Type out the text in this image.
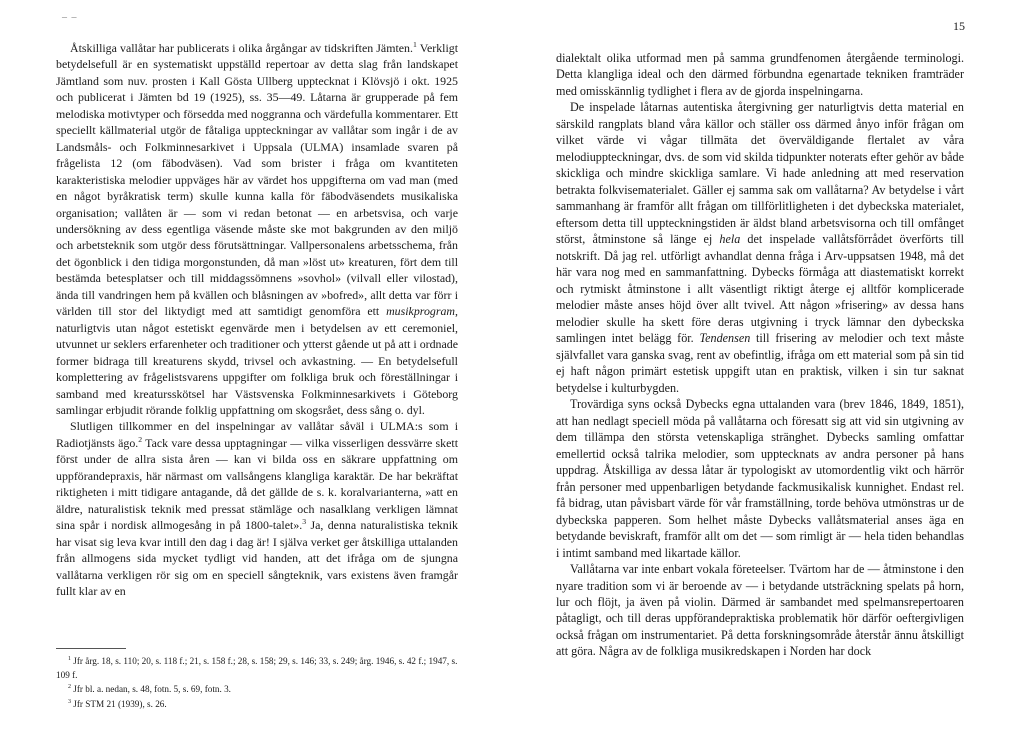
– –

Åtskilliga vallåtar har publicerats i olika årgångar av tidskriften Jämten.$^1$ Verkligt betydelsefull är en systematiskt uppställd repertoar av detta slag från landskapet Jämtland som nuv. prosten i Kall Gösta Ullberg upptecknat i Klövsjö i okt. 1925 och publicerat i Jämten bd 19 (1925), ss. 35—49. Låtarna är grupperade på fem melodiska motivtyper och försedda med noggranna och värdefulla kommentarer. Ett speciellt källmaterial utgör de fåtaliga uppteckningar av vallåtar som ingår i de av Landsmåls- och Folkminnesarkivet i Uppsala (ULMA) insamlade svaren på frågelista 12 (om fäbodväsen). Vad som brister i fråga om kvantiteten karakteristiska melodier uppväges här av värdet hos uppgifterna om vad man (med en något byråkratisk term) skulle kunna kalla för fäbodväsendets musikaliska organisation; vallåten är — som vi redan betonat — en arbetsvisa, och varje undersökning av dess egentliga väsende måste ske mot bakgrunden av den miljö och arbetsteknik som utgör dess förutsättningar. Vallpersonalens arbetsschema, från det ögonblick i den tidiga morgonstunden, då man »löst ut» kreaturen, fört dem till bestämda betesplatser och till middagssömnens »sovhol» (vilvall eller vilostad), ända till vandringen hem på kvällen och blåsningen av »bofred», allt detta var förr i världen till stor del liktydigt med att samtidigt genomföra ett musikprogram, naturligtvis utan något estetiskt egenvärde men i betydelsen av ett ceremoniel, utvunnet ur seklers erfarenheter och traditioner och ytterst gående ut på att i ordnade former bidraga till kreaturens skydd, trivsel och avkastning. — En betydelsefull komplettering av frågelistsvarens uppgifter om folkliga bruk och föreställningar i samband med kreatursskötsel har Västsvenska Folkminnesarkivets i Göteborg samlingar erbjudit rörande folklig uppfattning om skogsrået, dess sång o. dyl.

Slutligen tillkommer en del inspelningar av vallåtar såväl i ULMA:s som i Radiotjänsts ägo.$^2$ Tack vare dessa upptagningar — vilka visserligen dessvärre skett först under de allra sista åren — kan vi bilda oss en säkrare uppfattning om uppförandepraxis, här närmast om vallsångens klangliga karaktär. De har bekräftat riktigheten i mitt tidigare antagande, då det gällde de s. k. koralvarianterna, »att en äldre, naturalistisk teknik med pressat stämläge och nasalklang verkligen lämnat sina spår i nordisk allmogesång in på 1800-talet».$^3$ Ja, denna naturalistiska teknik har visat sig leva kvar intill den dag i dag är! I själva verket ger åtskilliga uttalanden från allmogens sida mycket tydligt vid handen, att det ifråga om de sjungna vallåtarna verkligen rör sig om en speciell sångteknik, vars existens även framgår fullt klar av en

$^1$ Jfr årg. 18, s. 110; 20, s. 118 f.; 21, s. 158 f.; 28, s. 158; 29, s. 146; 33, s. 249; årg. 1946, s. 42 f.; 1947, s. 109 f.

$^2$ Jfr bl. a. nedan, s. 48, fotn. 5, s. 69, fotn. 3.

$^3$ Jfr STM 21 (1939), s. 26.

15

dialektalt olika utformad men på samma grundfenomen återgående terminologi. Detta klangliga ideal och den därmed förbundna egenartade tekniken framträder med omisskännlig tydlighet i flera av de gjorda inspelningarna.

De inspelade låtarnas autentiska återgivning ger naturligtvis detta material en särskild rangplats bland våra källor och ställer oss därmed ånyo inför frågan om vilket värde vi vågar tillmäta det överväldigande flertalet av våra melodiuppteckningar, dvs. de som vid skilda tidpunkter noterats efter gehör av både skickliga och mindre skickliga samlare. Vi hade anledning att med reservation betrakta folkvisematerialet. Gäller ej samma sak om vallåtarna? Av betydelse i vårt sammanhang är framför allt frågan om tillförlitligheten i det dybeckska materialet, eftersom detta till uppteckningstiden är äldst bland arbetsvisorna och till omfånget störst, åtminstone så länge ej hela det inspelade vallåtsförrådet överförts till notskrift. Då jag rel. utförligt avhandlat denna fråga i Arv-uppsatsen 1948, må det här vara nog med en sammanfattning. Dybecks förmåga att diastematiskt korrekt och rytmiskt åtminstone i allt väsentligt riktigt återge ej alltför komplicerade melodier måste anses höjd över allt tvivel. Att någon »frisering» av dessa hans melodier skulle ha skett före deras utgivning i tryck lämnar den dybeckska samlingen intet belägg för. Tendensen till frisering av melodier och text måste självfallet vara ganska svag, rent av obefintlig, ifråga om ett material som på sin tid ej haft någon primärt estetisk uppgift utan en praktisk, vilken i sin tur saknat betydelse i kulturbygden.

Trovärdiga syns också Dybecks egna uttalanden vara (brev 1846, 1849, 1851), att han nedlagt speciell möda på vallåtarna och föresatt sig att vid sin utgivning av dem tillämpa den största vetenskapliga stränghet. Dybecks samling omfattar emellertid också talrika melodier, som upptecknats av andra personer på hans uppdrag. Åtskilliga av dessa låtar är typologiskt av utomordentlig vikt och härrör från personer med uppenbarligen betydande fackmusikalisk kunnighet. Endast rel. få bidrag, utan påvisbart värde för vår framställning, torde behöva utmönstras ur de dybeckska papperen. Som helhet måste Dybecks vallåtsmaterial anses äga en betydande beviskraft, framför allt om det — som rimligt är — hela tiden behandlas i intimt samband med likartade källor.

Vallåtarna var inte enbart vokala företeelser. Tvärtom har de — åtminstone i den nyare tradition som vi är beroende av — i betydande utsträckning spelats på horn, lur och flöjt, ja även på violin. Därmed är sambandet med spelmansrepertoaren påtagligt, och till deras uppförandepraktiska problematik hör därför oeftergivligen också frågan om instrumentariet. På detta forskningsområde återstår ännu åtskilligt att göra. Några av de folkliga musikredskapen i Norden har dock
